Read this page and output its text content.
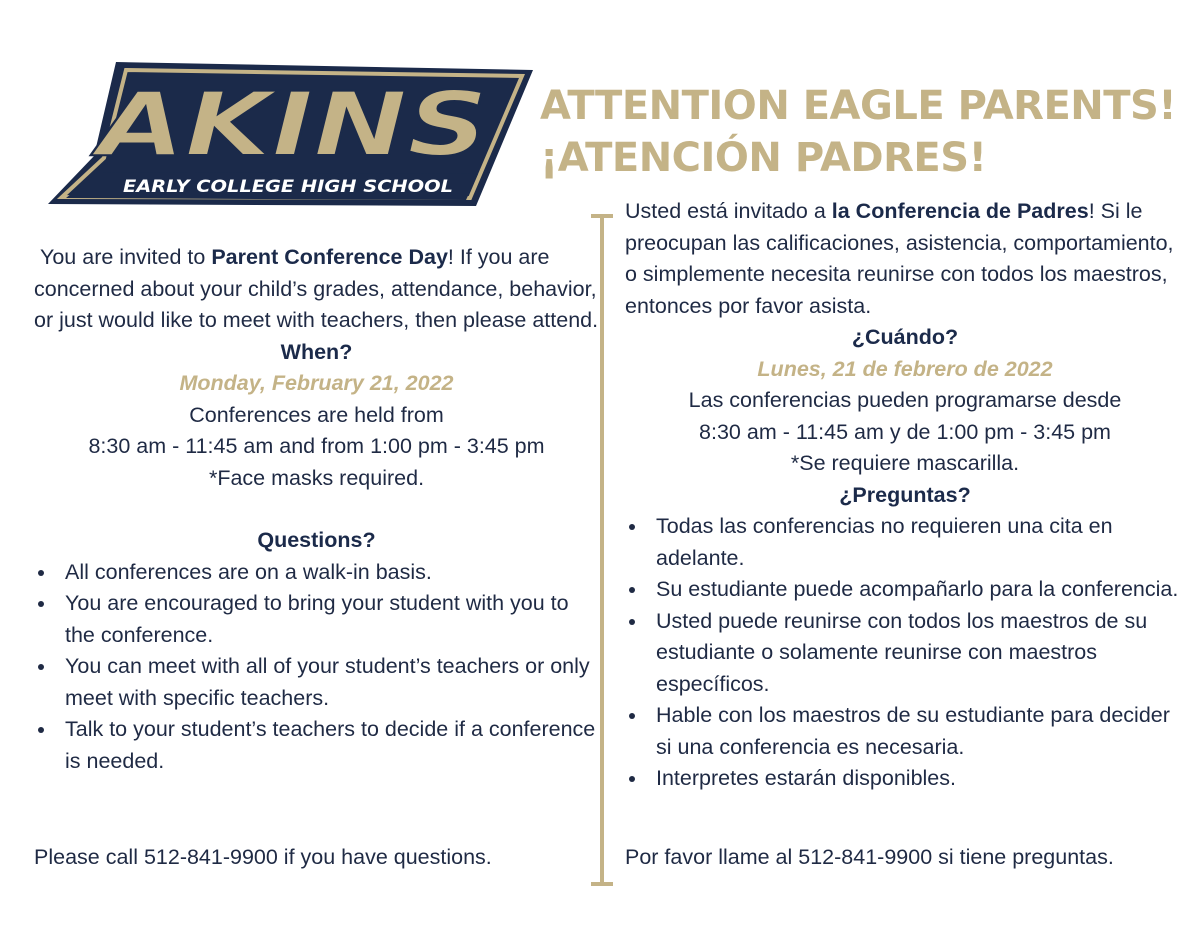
AKINS
EARLY COLLEGE HIGH SCHOOL
ATTENTION EAGLE PARENTS!
¡ATENCIÓN PADRES!

You are invited to Parent Conference Day! If you are concerned about your child’s grades, attendance, behavior, or just would like to meet with teachers, then please attend.

When?

Monday, February 21, 2022

Conferences are held from

8:30 am - 11:45 am and from 1:00 pm - 3:45 pm

*Face masks required.

Questions?

All conferences are on a walk-in basis.
You are encouraged to bring your student with you to the conference.
You can meet with all of your student’s teachers or only meet with specific teachers.
Talk to your student’s teachers to decide if a conference is needed.
Please call 512-841-9900 if you have questions.

Usted está invitado a la Conferencia de Padres! Si le preocupan las calificaciones, asistencia, comportamiento, o simplemente necesita reunirse con todos los maestros, entonces por favor asista.

¿Cuándo?

Lunes, 21 de febrero de 2022

Las conferencias pueden programarse desde

8:30 am - 11:45 am y de 1:00 pm - 3:45 pm

*Se requiere mascarilla.

¿Preguntas?

Todas las conferencias no requieren una cita en adelante.
Su estudiante puede acompañarlo para la conferencia.
Usted puede reunirse con todos los maestros de su estudiante o solamente reunirse con maestros específicos.
Hable con los maestros de su estudiante para decider si una conferencia es necesaria.
Interpretes estarán disponibles.
Por favor llame al 512-841-9900 si tiene preguntas.
